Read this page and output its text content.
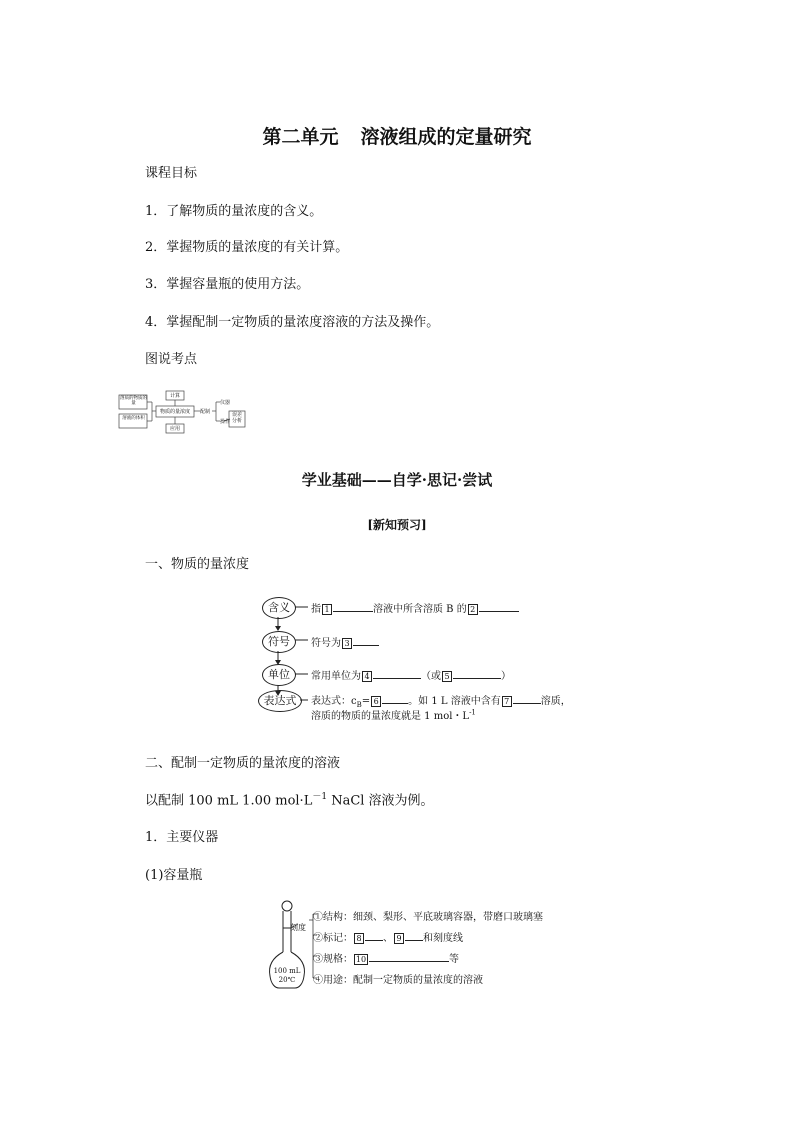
第二单元 溶液组成的定量研究
课程目标
1．了解物质的量浓度的含义。
2．掌握物质的量浓度的有关计算。
3．掌握容量瓶的使用方法。
4．掌握配制一定物质的量浓度溶液的方法及操作。
图说考点
溶质的物质的量
溶液的体积
物质的量浓度
计算
应用
配制
仪器
操作
误差分析
学业基础——自学·思记·尝试
[新知预习]
一、物质的量浓度
含义
符号
单位
表达式
指 1	溶液中所含溶质 B 的 2
符号为 3
常用单位为 4	（或 5	）
表达式：$c_B= 6$	。如 1 L 溶液中含有 7	溶质，
溶质的物质的量浓度就是 1 mol・$L^{-1}$
二、配制一定物质的量浓度的溶液
以配制 100 mL 1.00 $mol\cdot L^{-1}$ NaCl 溶液为例。
1．主要仪器
(1)容量瓶
刻度
100 mL
20℃
①结构：细颈、梨形、平底玻璃容器，带磨口玻璃塞
②标记： 8 、 9 和刻度线
③规格： 10	等
④用途：配制一定物质的量浓度的溶液
